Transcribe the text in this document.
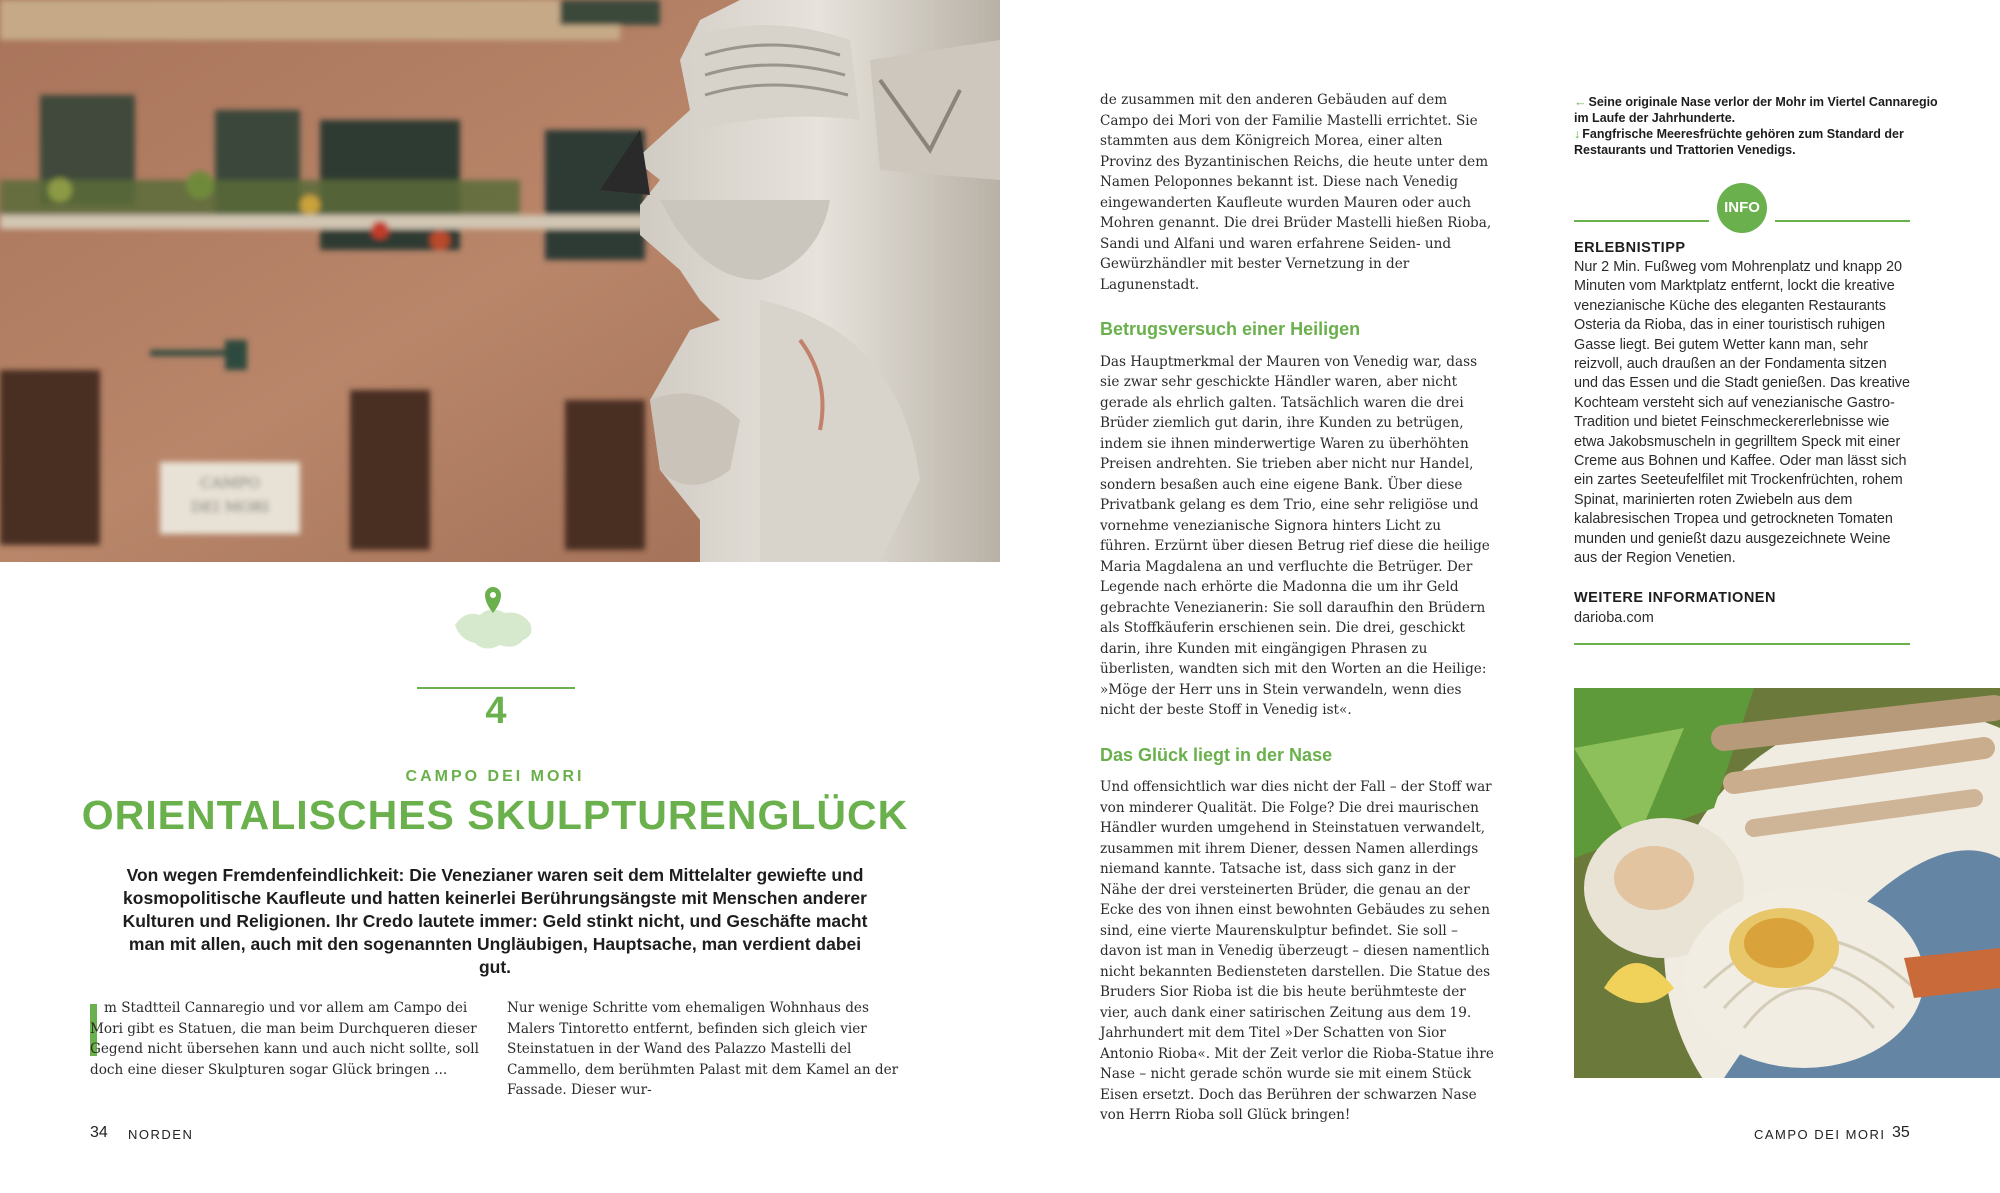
CAMPO
DEI MORI
4
CAMPO DEI MORI
ORIENTALISCHES SKULPTURENGLÜCK
Von wegen Fremdenfeindlichkeit: Die Venezianer waren seit dem Mittelalter gewiefte und kosmopolitische Kaufleute und hatten keinerlei Berührungsängste mit Menschen anderer Kulturen und Religionen. Ihr Credo lautete immer: Geld stinkt nicht, und Geschäfte macht man mit allen, auch mit den sogenannten Ungläubigen, Hauptsache, man verdient dabei gut.
m Stadtteil Cannaregio und vor allem am Campo dei Mori gibt es Statuen, die man beim Durchqueren dieser Gegend nicht übersehen kann und auch nicht sollte, soll doch eine dieser Skulpturen sogar Glück bringen ...
Nur wenige Schritte vom ehemaligen Wohnhaus des Malers Tintoretto entfernt, befinden sich gleich vier Steinstatuen in der Wand des Palazzo Mastelli del Cammello, dem berühmten Palast mit dem Kamel an der Fassade. Dieser wur-
de zusammen mit den anderen Gebäuden auf dem Campo dei Mori von der Familie Mastelli errichtet. Sie stammten aus dem Königreich Morea, einer alten Provinz des Byzantinischen Reichs, die heute unter dem Namen Peloponnes bekannt ist. Diese nach Venedig eingewanderten Kaufleute wurden Mauren oder auch Mohren genannt. Die drei Brüder Mastelli hießen Rioba, Sandi und Alfani und waren erfahrene Seiden- und Gewürzhändler mit bester Vernetzung in der Lagunenstadt.
Betrugsversuch einer Heiligen
Das Hauptmerkmal der Mauren von Venedig war, dass sie zwar sehr geschickte Händler waren, aber nicht gerade als ehrlich galten. Tatsächlich waren die drei Brüder ziemlich gut darin, ihre Kunden zu betrügen, indem sie ihnen minderwertige Waren zu überhöhten Preisen andrehten. Sie trieben aber nicht nur Handel, sondern besaßen auch eine eigene Bank. Über diese Privatbank gelang es dem Trio, eine sehr religiöse und vornehme venezianische Signora hinters Licht zu führen. Erzürnt über diesen Betrug rief diese die heilige Maria Magdalena an und verfluchte die Betrüger. Der Legende nach erhörte die Madonna die um ihr Geld gebrachte Venezianerin: Sie soll daraufhin den Brüdern als Stoffkäuferin erschienen sein. Die drei, geschickt darin, ihre Kunden mit eingängigen Phrasen zu überlisten, wandten sich mit den Worten an die Heilige: »Möge der Herr uns in Stein verwandeln, wenn dies nicht der beste Stoff in Venedig ist«.
Das Glück liegt in der Nase
Und offensichtlich war dies nicht der Fall – der Stoff war von minderer Qualität. Die Folge? Die drei maurischen Händler wurden umgehend in Steinstatuen verwandelt, zusammen mit ihrem Diener, dessen Namen allerdings niemand kannte. Tatsache ist, dass sich ganz in der Nähe der drei versteinerten Brüder, die genau an der Ecke des von ihnen einst bewohnten Gebäudes zu sehen sind, eine vierte Maurenskulptur befindet. Sie soll – davon ist man in Venedig überzeugt – diesen namentlich nicht bekannten Bediensteten darstellen. Die Statue des Bruders Sior Rioba ist die bis heute berühmteste der vier, auch dank einer satirischen Zeitung aus dem 19. Jahrhundert mit dem Titel »Der Schatten von Sior Antonio Rioba«. Mit der Zeit verlor die Rioba-Statue ihre Nase – nicht gerade schön wurde sie mit einem Stück Eisen ersetzt. Doch das Berühren der schwarzen Nase von Herrn Rioba soll Glück bringen!
← Seine originale Nase verlor der Mohr im Viertel Cannaregio im Laufe der Jahrhunderte.
↓ Fangfrische Meeresfrüchte gehören zum Standard der Restaurants und Trattorien Venedigs.
INFO
ERLEBNISTIPP
Nur 2 Min. Fußweg vom Mohrenplatz und knapp 20 Minuten vom Marktplatz entfernt, lockt die kreative venezianische Küche des eleganten Restaurants Osteria da Rioba, das in einer touristisch ruhigen Gasse liegt. Bei gutem Wetter kann man, sehr reizvoll, auch draußen an der Fondamenta sitzen und das Essen und die Stadt genießen. Das kreative Kochteam versteht sich auf venezianische Gastro-Tradition und bietet Feinschmeckererlebnisse wie etwa Jakobsmuscheln in gegrilltem Speck mit einer Creme aus Bohnen und Kaffee. Oder man lässt sich ein zartes Seeteufelfilet mit Trockenfrüchten, rohem Spinat, marinierten roten Zwiebeln aus dem kalabresischen Tropea und getrockneten Tomaten munden und genießt dazu ausgezeichnete Weine aus der Region Venetien.
WEITERE INFORMATIONEN
darioba.com
34 NORDEN	CAMPO DEI MORI 35
